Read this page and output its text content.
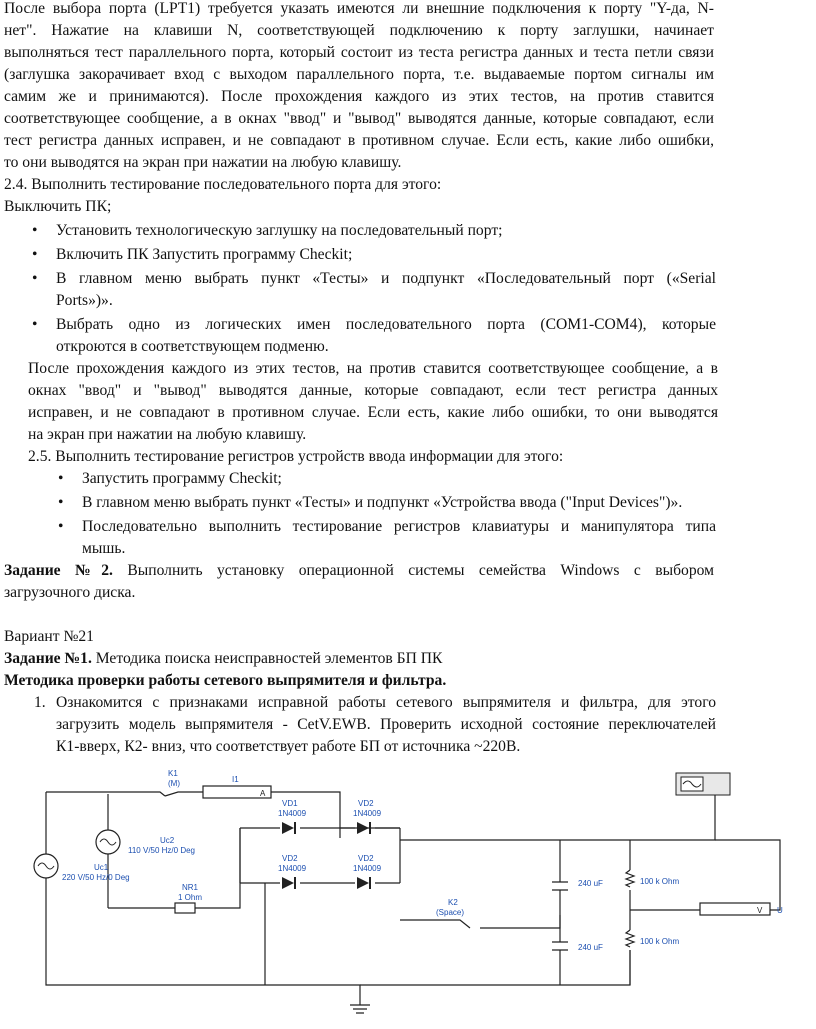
После выбора порта (LPT1) требуется указать имеются ли внешние подключения к порту "Y-да, N-
нет". Нажатие на клавиши N, соответствующей подключению к порту заглушки, начинает
выполняться тест параллельного порта, который состоит из теста регистра данных и теста петли связи
(заглушка закорачивает вход с выходом параллельного порта, т.е. выдаваемые портом сигналы им
самим же и принимаются). После прохождения каждого из этих тестов, на против ставится
соответствующее сообщение, а в окнах "ввод" и "вывод" выводятся данные, которые совпадают, если
тест регистра данных исправен, и не совпадают в противном случае. Если есть, какие либо ошибки,
то они выводятся на экран при нажатии на любую клавишу.
2.4. Выполнить тестирование последовательного порта для этого:
Выключить ПК;
• Установить технологическую заглушку на последовательный порт;
• Включить ПК Запустить программу Checkit;
• В главном меню выбрать пункт «Тесты» и подпункт «Последовательный порт («Serial
Ports»)».
• Выбрать одно из логических имен последовательного порта (COM1-COM4), которые
откроются в соответствующем подменю.
После прохождения каждого из этих тестов, на против ставится соответствующее сообщение, а в
окнах "ввод" и "вывод" выводятся данные, которые совпадают, если тест регистра данных
исправен, и не совпадают в противном случае. Если есть, какие либо ошибки, то они выводятся
на экран при нажатии на любую клавишу.
2.5. Выполнить тестирование регистров устройств ввода информации для этого:
• Запустить программу Checkit;
• В главном меню выбрать пункт «Тесты» и подпункт «Устройства ввода ("Input Devices")».
• Последовательно выполнить тестирование регистров клавиатуры и манипулятора типа
мышь.
Задание №2. Выполнить установку операционной системы семейства Windows с выбором
загрузочного диска.
Вариант №21
Задание №1. Методика поиска неисправностей элементов БП ПК
Методика проверки работы сетевого выпрямителя и фильтра.
1. Ознакомится с признаками исправной работы сетевого выпрямителя и фильтра, для этого
загрузить модель выпрямителя - CetV.EWB. Проверить исходной состояние переключателей
К1-вверх, К2- вниз, что соответствует работе БП от источника ~220В.
K1
(M)	I1
A
VD1
1N4009
VD2
1N4009
VD2
1N4009
VD2
1N4009
Uc2
110 V/50 Hz/0 Deg
Uc1
220 V/50 Hz/0 Deg
NR1
1 Ohm
K2
(Space)
240 uF
240 uF
100 k Ohm
100 k Ohm
V U
